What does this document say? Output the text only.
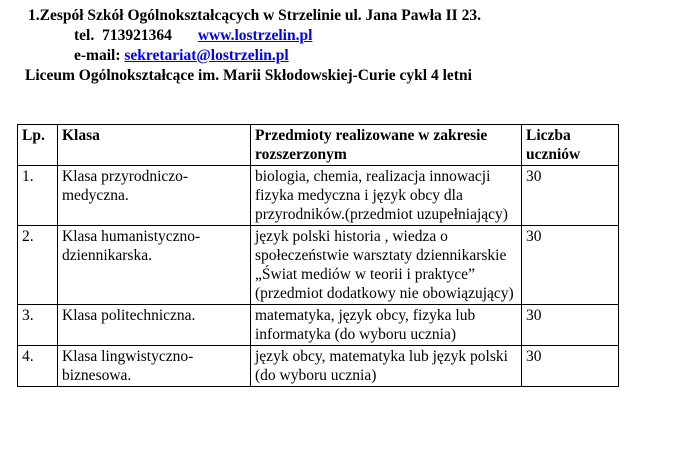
1.Zespół Szkół Ogólnokształcących w Strzelinie ul. Jana Pawła II 23.
tel. 713921364 www.lostrzelin.pl
e-mail: sekretariat@lostrzelin.pl
Liceum Ogólnokształcące im. Marii Skłodowskiej-Curie cykl 4 letni
Lp.	Klasa	Przedmioty realizowane w zakresie rozszerzonym	Liczba uczniów
1.	Klasa przyrodniczo-medyczna.	biologia, chemia, realizacja innowacji fizyka medyczna i język obcy dla przyrodników.(przedmiot uzupełniający)	30
2.	Klasa humanistyczno-dziennikarska.	język polski historia , wiedza o społeczeństwie warsztaty dziennikarskie „Świat mediów w teorii i praktyce” (przedmiot dodatkowy nie obowiązujący)	30
3.	Klasa politechniczna.	matematyka, język obcy, fizyka lub informatyka (do wyboru ucznia)	30
4.	Klasa lingwistyczno-biznesowa.	język obcy, matematyka lub język polski (do wyboru ucznia)	30
